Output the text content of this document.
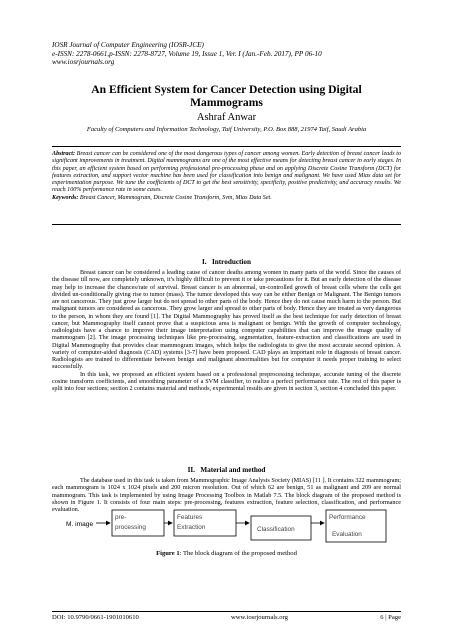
IOSR Journal of Computer Engineering (IOSR-JCE)
e-ISSN: 2278-0661,p-ISSN: 2278-8727, Volume 19, Issue 1, Ver. I (Jan.-Feb. 2017), PP 06-10
www.iosrjournals.org
An Efficient System for Cancer Detection using Digital
Mammograms
Ashraf Anwar
Faculty of Computers and Information Technology, Taif University, P.O. Box 888, 21974 Taif, Saudi Arabia

Abstract: Breast cancer can be considered one of the most dangerous types of cancer among women. Early detection of breast cancer leads to significant improvements in treatment. Digital mammograms are one of the most effective means for detecting breast cancer in early stages. In this paper, an efficient system based on performing professional pre-processing phase and on applying Discrete Cosine Transform (DCT) for features extraction, and support vector machine has been used for classification into benign and malignant. We have used Mias data set for experimentation purpose. We tune the coefficients of DCT to get the best sensitivity, specificity, positive predictivity, and accuracy results. We reach 100% performance rate in some cases.

Keywords: Breast Cancer, Mammogram, Discrete Cosine Transform, Svm, Mias Data Set.

I.   Introduction

Breast cancer can be considered a leading cause of cancer deaths among women in many parts of the world. Since the causes of the disease till now, are completely unknown, it’s highly difficult to prevent it or take precautions for it. But an early detection of the disease may help to increase the chances/rate of survival. Breast cancer is an abnormal, un-controlled growth of breast cells where the cells get divided un-conditionally giving rise to tumor (mass). The tumor developed this way can be either Benign or Malignant. The Benign tumors are not cancerous. They just grow larger but do not spread to other parts of the body. Hence they do not cause much harm to the person. But malignant tumors are considered as cancerous. They grow larger and spread to other parts of body. Hence they are treated as very dangerous to the person, in whom they are found [1]. The Digital Mammography has proved itself as the best technique for early detection of breast cancer, but Mammography itself cannot prove that a suspicious area is malignant or benign. With the growth of computer technology, radiologists have a chance to improve their image interpretation using computer capabilities that can improve the image quality of mammogram [2]. The image processing techniques like pre-processing, segmentation, feature-extraction and classifications are used in Digital Mammography that provides clear mammogram images, which helps the radiologists to give the most accurate second opinion. A variety of computer-aided diagnosis (CAD) systems [3-7] have been proposed. CAD plays an important role in diagnosis of breast cancer. Radiologists are trained to differentiate between benign and malignant abnormalities but for computer it needs proper training to select successfully.

In this task, we proposed an efficient system based on a professional preprocessing technique, accurate tuning of the discrete cosine transform coefficients, and smoothing parameter of a SVM classifier, to realize a perfect performance rate. The rest of this paper is split into four sections; section 2 contains material and methods, experimental results are given in section 3, section 4 concluded this paper.

II.   Material and method

The database used in this task is taken from Mammographic Image Analysis Society (MIAS) [11 ]. It contains 322 mammogram; each mammogram is 1024 x 1024 pixels and 200 micron resolution. Out of which 62 are benign, 51 as malignant and 209 are normal mammogram. This task is implemented by using Image Processing Toolbox in Matlab 7.5. The block diagram of the proposed method is shown in Figure 1. It consists of four main steps: pre-processing, features extraction, feature selection, classification, and performance evaluation.

M. image
pre-
processing
Features
Extraction	Classification
Performance
Evaluation
Figure 1: The block diagram of the proposed method
DOI: 10.9790/0661-1901010610	www.iosrjournals.org	6 | Page
